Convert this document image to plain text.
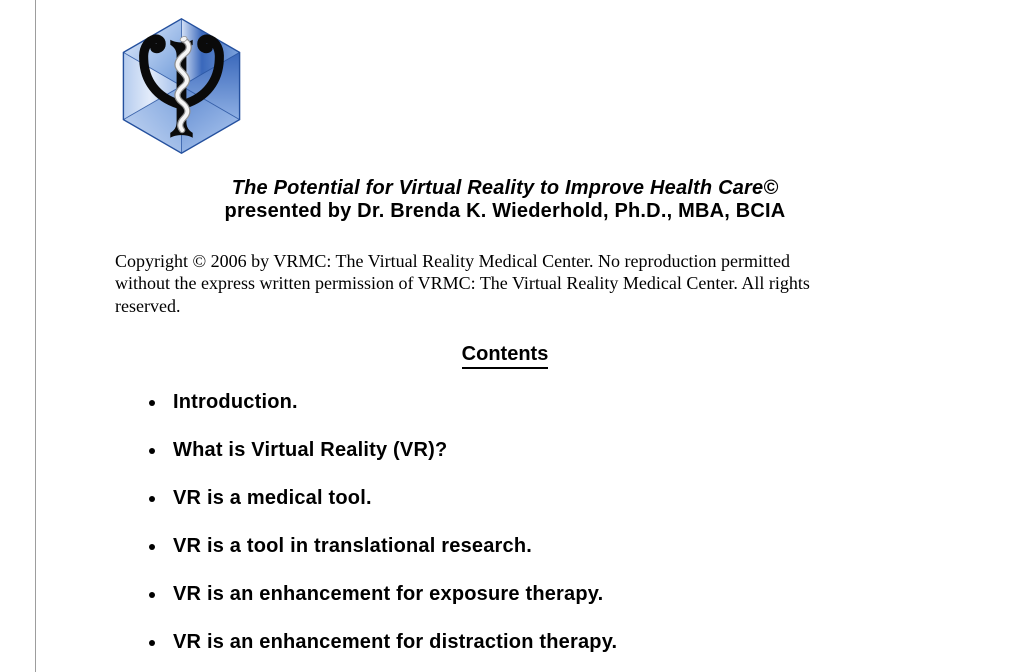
The Potential for Virtual Reality to Improve Health Care©
presented by Dr. Brenda K. Wiederhold, Ph.D., MBA, BCIA
Copyright © 2006 by VRMC: The Virtual Reality Medical Center. No reproduction permitted
without the express written permission of VRMC: The Virtual Reality Medical Center. All rights
reserved.
Contents
Introduction.
What is Virtual Reality (VR)?
VR is a medical tool.
VR is a tool in translational research.
VR is an enhancement for exposure therapy.
VR is an enhancement for distraction therapy.
